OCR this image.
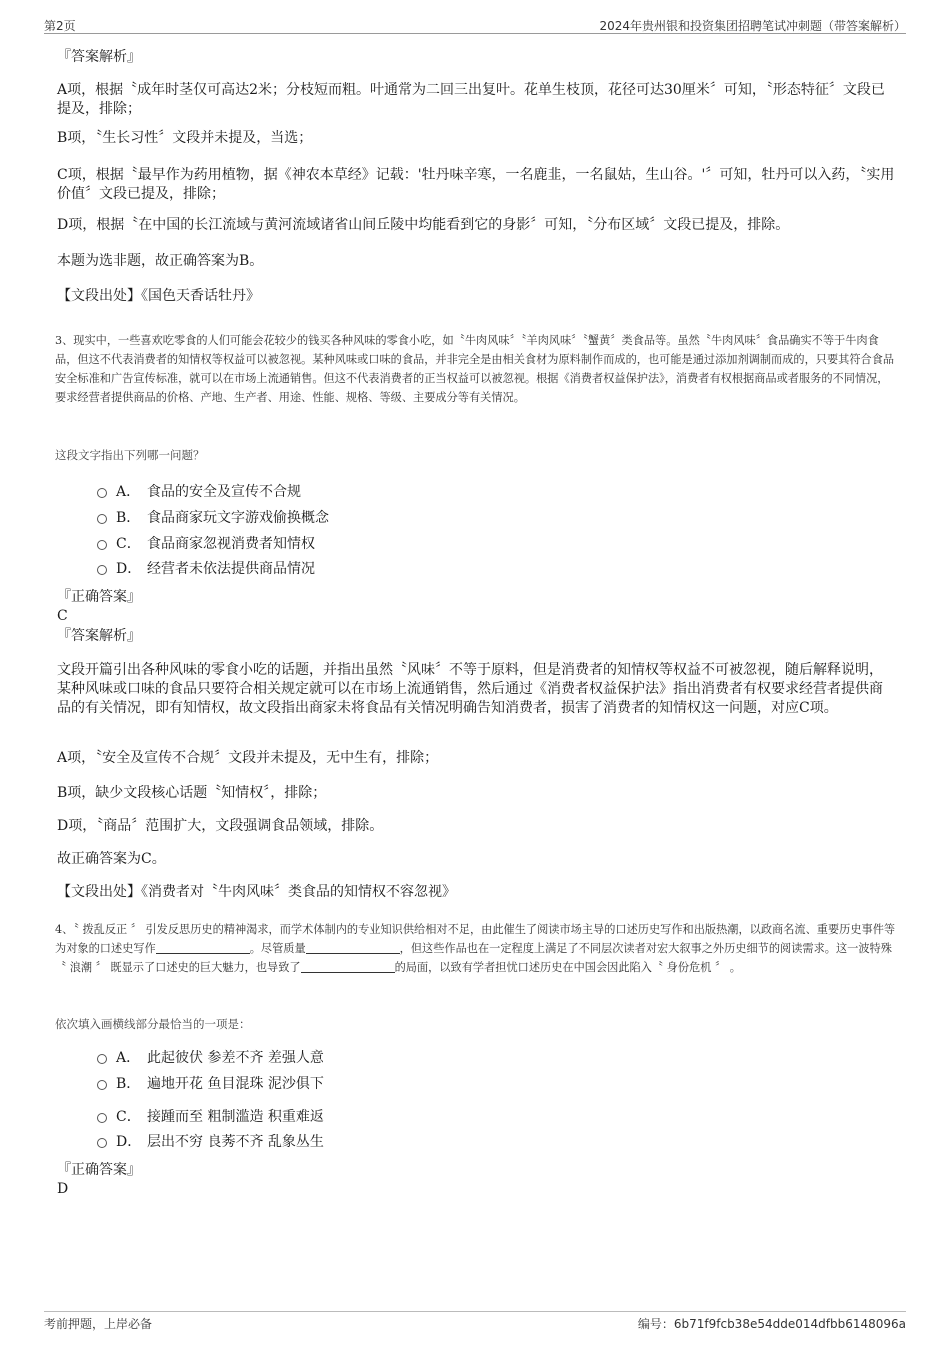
第2页	2024年贵州银和投资集团招聘笔试冲刺题（带答案解析）
『答案解析』
A项，根据〝成年时茎仅可高达2米；分枝短而粗。叶通常为二回三出复叶。花单生枝顶，花径可达30厘米〞可知，〝形态特征〞文段已提及，排除；
B项，〝生长习性〞文段并未提及，当选；
C项，根据〝最早作为药用植物，据《神农本草经》记载：'牡丹味辛寒，一名鹿韭，一名鼠姑，生山谷。'〞可知，牡丹可以入药，〝实用价值〞文段已提及，排除；
D项，根据〝在中国的长江流域与黄河流域诸省山间丘陵中均能看到它的身影〞可知，〝分布区域〞文段已提及，排除。
本题为选非题，故正确答案为B。
【文段出处】《国色天香话牡丹》
3、现实中，一些喜欢吃零食的人们可能会花较少的钱买各种风味的零食小吃，如〝牛肉风味〞〝羊肉风味〞〝蟹黄〞类食品等。虽然〝牛肉风味〞食品确实不等于牛肉食品，但这不代表消费者的知情权等权益可以被忽视。某种风味或口味的食品，并非完全是由相关食材为原料制作而成的，也可能是通过添加剂调制而成的，只要其符合食品安全标准和广告宣传标准，就可以在市场上流通销售。但这不代表消费者的正当权益可以被忽视。根据《消费者权益保护法》，消费者有权根据商品或者服务的不同情况，要求经营者提供商品的价格、产地、生产者、用途、性能、规格、等级、主要成分等有关情况。
这段文字指出下列哪一问题？
A． 食品的安全及宣传不合规
B． 食品商家玩文字游戏偷换概念
C． 食品商家忽视消费者知情权
D． 经营者未依法提供商品情况
『正确答案』
C
『答案解析』
文段开篇引出各种风味的零食小吃的话题，并指出虽然〝风味〞不等于原料，但是消费者的知情权等权益不可被忽视，随后解释说明，某种风味或口味的食品只要符合相关规定就可以在市场上流通销售，然后通过《消费者权益保护法》指出消费者有权要求经营者提供商品的有关情况，即有知情权，故文段指出商家未将食品有关情况明确告知消费者，损害了消费者的知情权这一问题，对应C项。
A项，〝安全及宣传不合规〞文段并未提及，无中生有，排除；
B项，缺少文段核心话题〝知情权〞，排除；
D项，〝商品〞范围扩大，文段强调食品领域，排除。
故正确答案为C。
【文段出处】《消费者对〝牛肉风味〞类食品的知情权不容忽视》
4、〝 拨乱反正 〞 引发反思历史的精神渴求，而学术体制内的专业知识供给相对不足，由此催生了阅读市场主导的口述历史写作和出版热潮，以政商名流、重要历史事件等为对象的口述史写作	。尽管质量	，但这些作品也在一定程度上满足了不同层次读者对宏大叙事之外历史细节的阅读需求。这一波特殊〝 浪潮 〞 既显示了口述史的巨大魅力，也导致了	的局面，以致有学者担忧口述历史在中国会因此陷入〝 身份危机 〞 。
依次填入画横线部分最恰当的一项是：
A． 此起彼伏 参差不齐 差强人意
B． 遍地开花 鱼目混珠 泥沙俱下
C． 接踵而至 粗制滥造 积重难返
D． 层出不穷 良莠不齐 乱象丛生
『正确答案』
D
考前押题，上岸必备	编号：6b71f9fcb38e54dde014dfbb6148096a
